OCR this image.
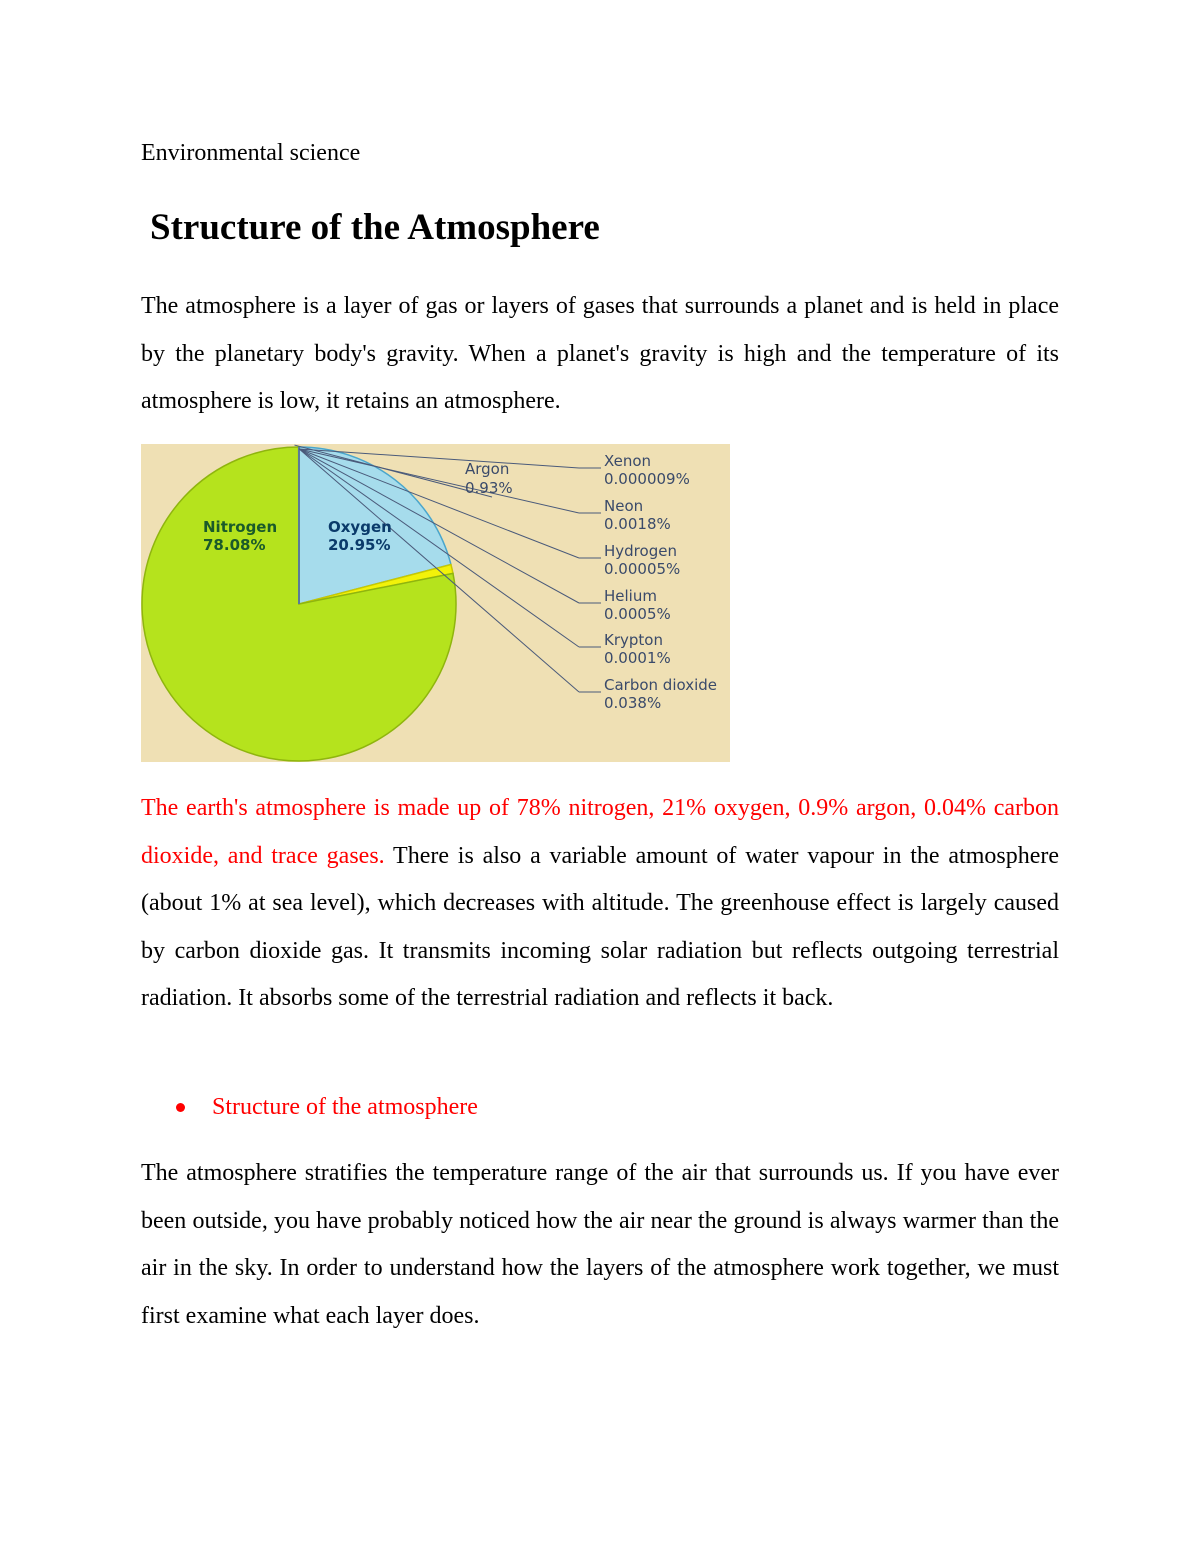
Environmental science
Structure of the Atmosphere

The atmosphere is a layer of gas or layers of gases that surrounds a planet and is held in place by the planetary body's gravity. When a planet's gravity is high and the temperature of its atmosphere is low, it retains an atmosphere.

Nitrogen
78.08%
Oxygen
20.95%
Argon
0.93%
Xenon
0.000009%
Neon
0.0018%
Hydrogen
0.00005%
Helium
0.0005%
Krypton
0.0001%
Carbon dioxide
0.038%

The earth's atmosphere is made up of 78% nitrogen, 21% oxygen, 0.9% argon, 0.04% carbon dioxide, and trace gases. There is also a variable amount of water vapour in the atmosphere (about 1% at sea level), which decreases with altitude. The greenhouse effect is largely caused by carbon dioxide gas. It transmits incoming solar radiation but reflects outgoing terrestrial radiation. It absorbs some of the terrestrial radiation and reflects it back.

Structure of the atmosphere

The atmosphere stratifies the temperature range of the air that surrounds us. If you have ever been outside, you have probably noticed how the air near the ground is always warmer than the air in the sky. In order to understand how the layers of the atmosphere work together, we must first examine what each layer does.
